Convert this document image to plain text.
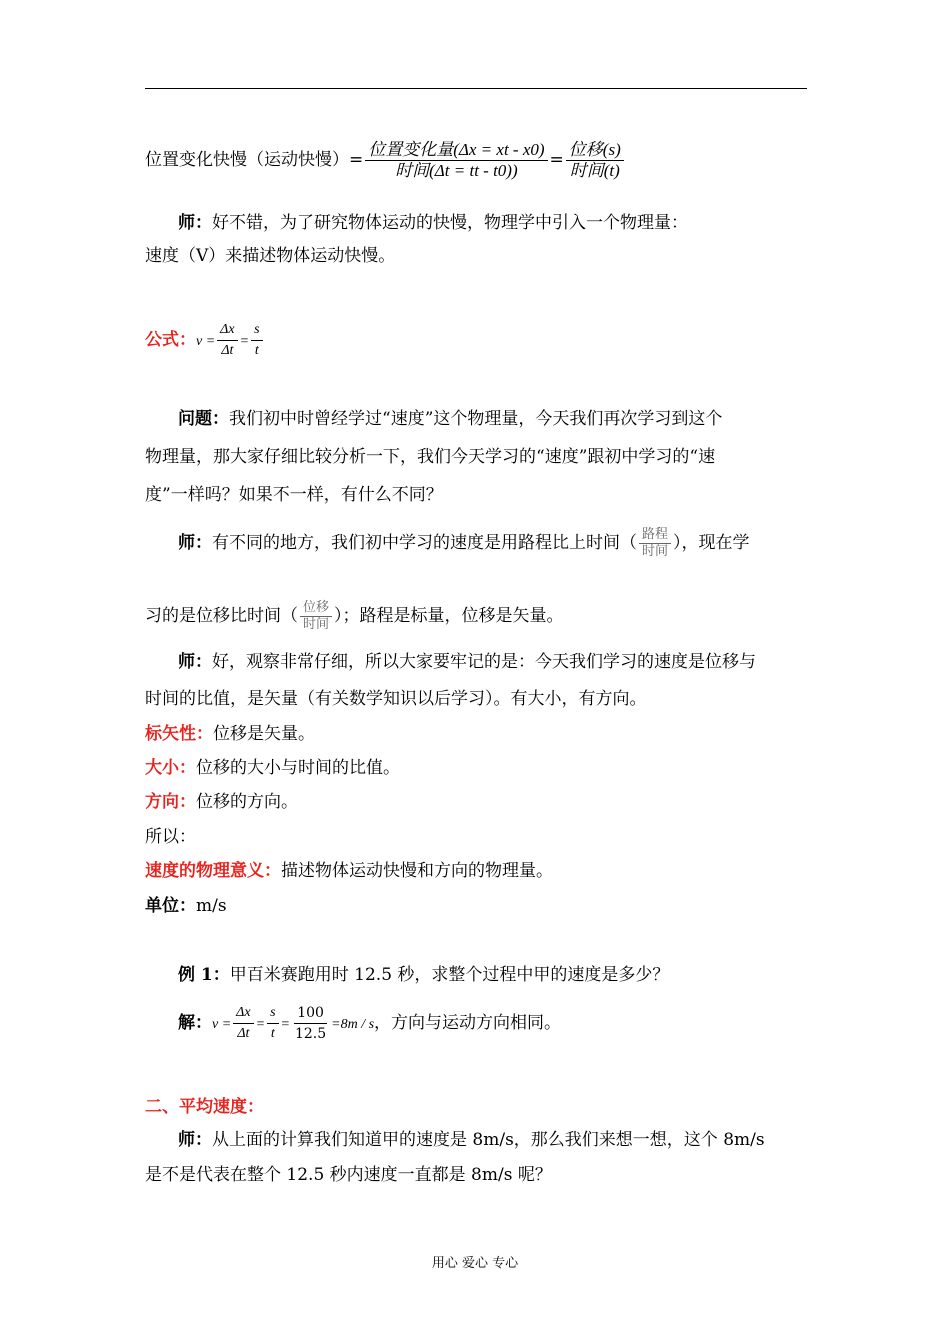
位置变化快慢（运动快慢）= $\frac{\text{位置变化量(Δx = xt - x0)}}{\text{时间(Δt = tt - t0))}} = \frac{\text{位移(s)}}{\text{时间(t)}}$
师：好不错，为了研究物体运动的快慢，物理学中引入一个物理量：
速度（V）来描述物体运动快慢。
公式：$v = \frac{\Delta x}{\Delta t} = \frac{s}{t}$
问题：我们初中时曾经学过“速度”这个物理量，今天我们再次学习到这个
物理量，那大家仔细比较分析一下，我们今天学习的“速度”跟初中学习的“速
度”一样吗？如果不一样，有什么不同？
师：有不同的地方，我们初中学习的速度是用路程比上时间（ $\frac{\text{路程}}{\text{时间}}$ ），现在学
习的是位移比时间（ $\frac{\text{位移}}{\text{时间}}$ ）；路程是标量，位移是矢量。
师：好，观察非常仔细，所以大家要牢记的是：今天我们学习的速度是位移与
时间的比值，是矢量（有关数学知识以后学习）。有大小，有方向。
标矢性：位移是矢量。
大小：位移的大小与时间的比值。
方向：位移的方向。
所以：
速度的物理意义：描述物体运动快慢和方向的物理量。
单位：m/s
例 1：甲百米赛跑用时 12.5 秒，求整个过程中甲的速度是多少？
解：$v = \frac{\Delta x}{\Delta t} = \frac{s}{t} = \frac{100}{12.5} =8m / s$，方向与运动方向相同。
二、平均速度：
师：从上面的计算我们知道甲的速度是 8m/s，那么我们来想一想，这个 8m/s
是不是代表在整个 12.5 秒内速度一直都是 8m/s 呢？
用心 爱心 专心
